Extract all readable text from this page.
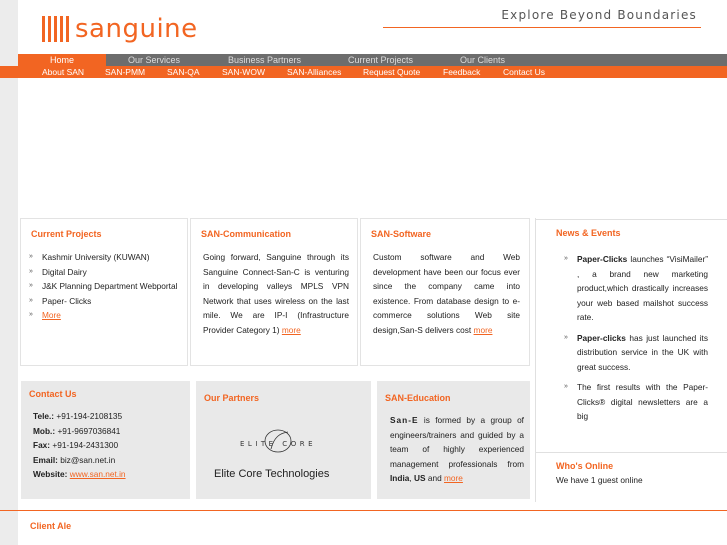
sanguine	Explore Beyond Boundaries
Home	Our Services	Business Partners	Current Projects	Our Clients
About SAN SAN-PMM	SAN-QA	SAN-WOW	SAN-Alliances	Request Quote	Feedback	Contact Us
Current Projects
» Kashmir University (KUWAN)
» Digital Dairy
» J&K Planning Department Webportal
» Paper- Clicks
» More
SAN-Communication
Going forward, Sanguine through its Sanguine Connect-San-C is venturing in developing valleys MPLS VPN Network that uses wireless on the last mile. We are IP-I (Infrastructure Provider Category 1) more
SAN-Software
Custom software and Web development have been our focus ever since the company came into existence. From database design to e-commerce solutions Web site design,San-S delivers cost more
News & Events
» Paper-Clicks launches “VisiMailer” , a brand new marketing product,which drastically increases your web based mailshot success rate.
» Paper-clicks has just launched its distribution service in the UK with great success.
» The first results with the Paper-Clicks® digital newsletters are a big
Contact Us
Tele.: +91-194-2108135
Mob.: +91-9697036841
Fax: +91-194-2431300
Email: biz@san.net.in
Website: www.san.net.in
Our Partners
ELITE CORE
Elite Core Technologies
SAN-Education
San-E is formed by a group of engineers/trainers and guided by a team of highly experienced management professionals from India, US and more
Who's Online
We have 1 guest online
Client Ale
